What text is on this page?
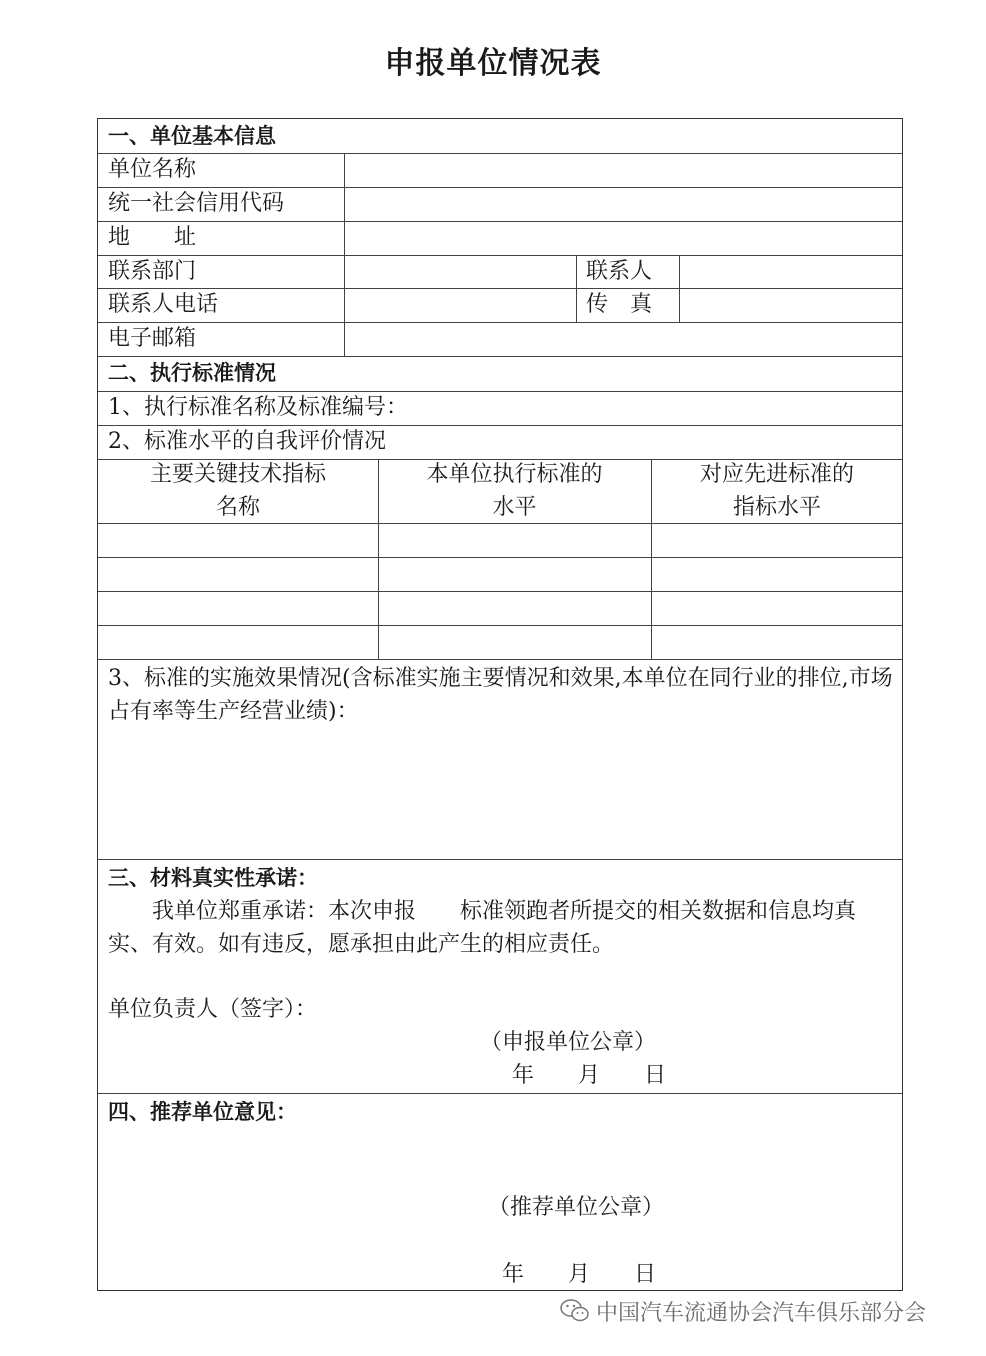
申报单位情况表
一、单位基本信息
单位名称
统一社会信用代码
地　　址
联系部门	联系人
联系人电话	传　真
电子邮箱
二、执行标准情况
1、执行标准名称及标准编号：
2、标准水平的自我评价情况
主要关键技术指标
名称
本单位执行标准的
水平
对应先进标准的
指标水平
3、标准的实施效果情况(含标准实施主要情况和效果,本单位在同行业的排位,市场占有率等生产经营业绩)：
三、材料真实性承诺：
我单位郑重承诺：本次申报　　标准领跑者所提交的相关数据和信息均真实、有效。如有违反，愿承担由此产生的相应责任。
单位负责人（签字）：
（申报单位公章）
年　　月　　日
四、推荐单位意见：
（推荐单位公章）
年　　月　　日
中国汽车流通协会汽车俱乐部分会
